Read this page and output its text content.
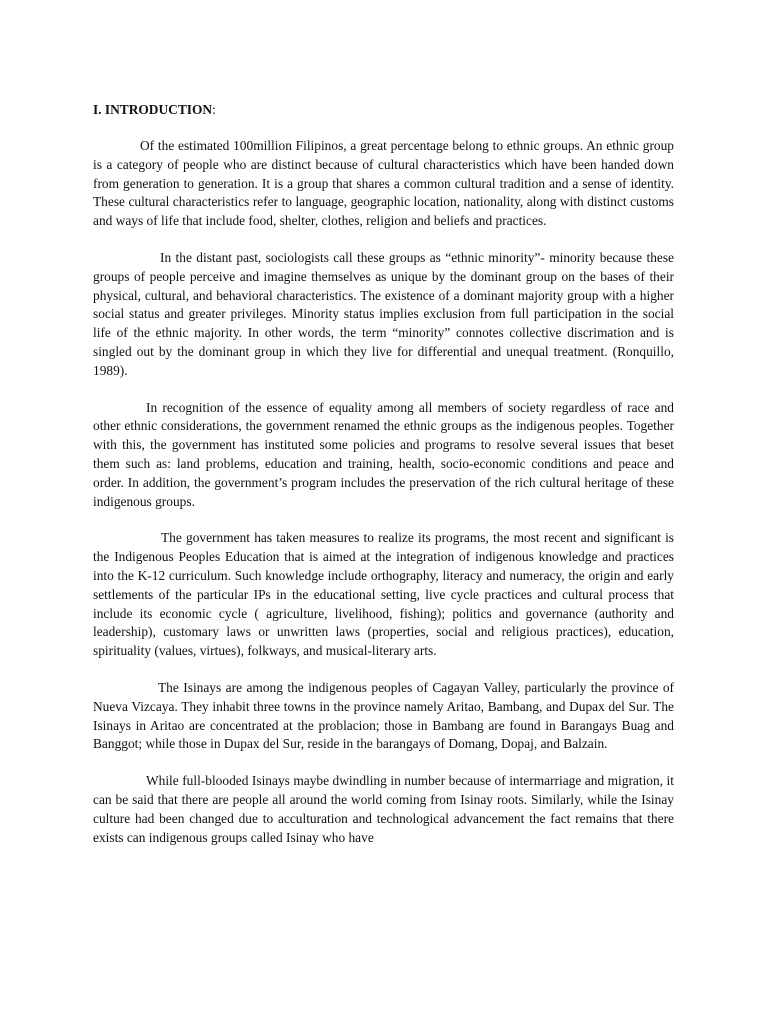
I. INTRODUCTION:

Of the estimated 100million Filipinos, a great percentage belong to ethnic groups. An ethnic group is a category of people who are distinct because of cultural characteristics which have been handed down from generation to generation. It is a group that shares a common cultural tradition and a sense of identity. These cultural characteristics refer to language, geographic location, nationality, along with distinct customs and ways of life that include food, shelter, clothes, religion and beliefs and practices.

In the distant past, sociologists call these groups as “ethnic minority”- minority because these groups of people perceive and imagine themselves as unique by the dominant group on the bases of their physical, cultural, and behavioral characteristics. The existence of a dominant majority group with a higher social status and greater privileges. Minority status implies exclusion from full participation in the social life of the ethnic majority. In other words, the term “minority” connotes collective discrimation and is singled out by the dominant group in which they live for differential and unequal treatment. (Ronquillo, 1989).

In recognition of the essence of equality among all members of society regardless of race and other ethnic considerations, the government renamed the ethnic groups as the indigenous peoples. Together with this, the government has instituted some policies and programs to resolve several issues that beset them such as: land problems, education and training, health, socio-economic conditions and peace and order. In addition, the government’s program includes the preservation of the rich cultural heritage of these indigenous groups.

The government has taken measures to realize its programs, the most recent and significant is the Indigenous Peoples Education that is aimed at the integration of indigenous knowledge and practices into the K-12 curriculum. Such knowledge include orthography, literacy and numeracy, the origin and early settlements of the particular IPs in the educational setting, live cycle practices and cultural process that include its economic cycle ( agriculture, livelihood, fishing); politics and governance (authority and leadership), customary laws or unwritten laws (properties, social and religious practices), education, spirituality (values, virtues), folkways, and musical-literary arts.

The Isinays are among the indigenous peoples of Cagayan Valley, particularly the province of Nueva Vizcaya. They inhabit three towns in the province namely Aritao, Bambang, and Dupax del Sur. The Isinays in Aritao are concentrated at the problacion; those in Bambang are found in Barangays Buag and Banggot; while those in Dupax del Sur, reside in the barangays of Domang, Dopaj, and Balzain.

While full-blooded Isinays maybe dwindling in number because of intermarriage and migration, it can be said that there are people all around the world coming from Isinay roots. Similarly, while the Isinay culture had been changed due to acculturation and technological advancement the fact remains that there exists can indigenous groups called Isinay who have
